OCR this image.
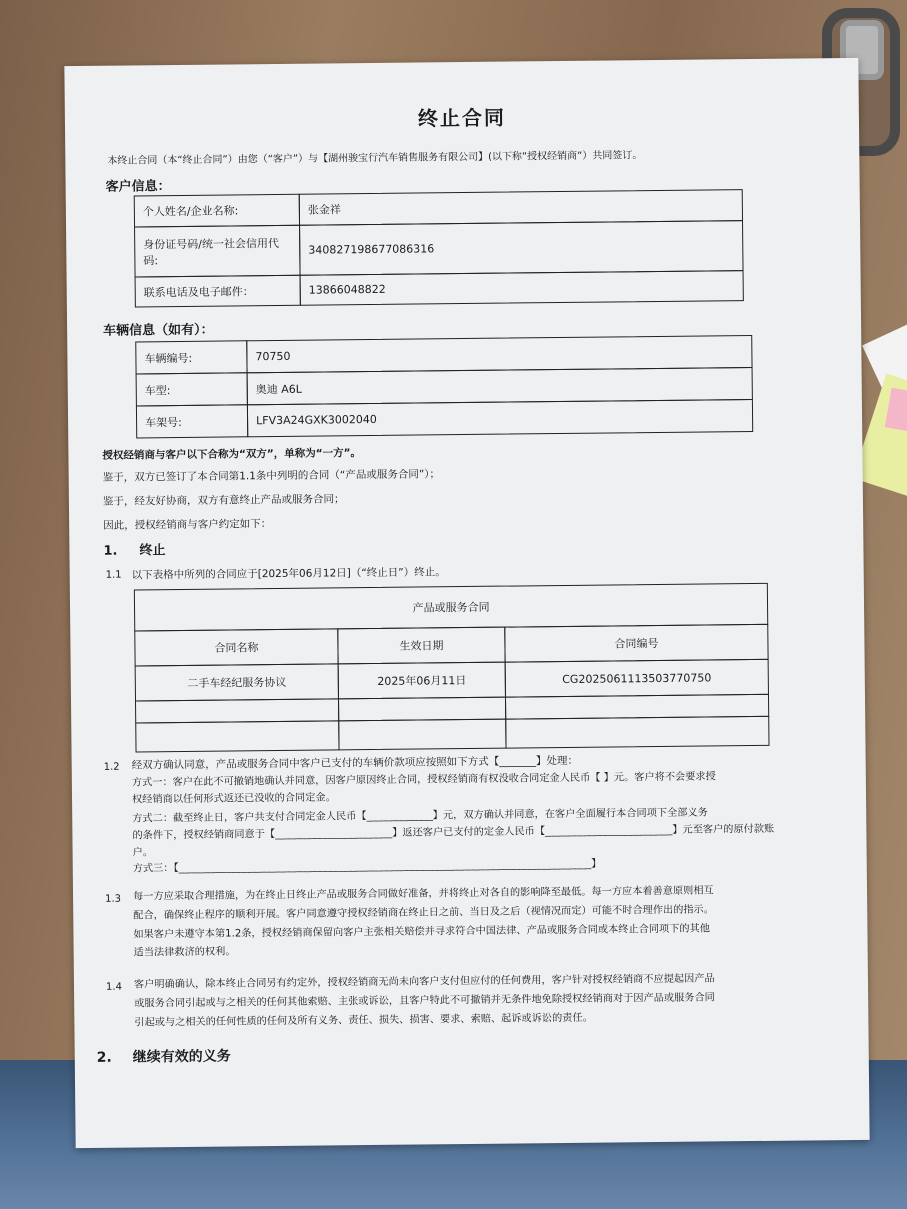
终止合同
本终止合同（本“终止合同”）由您（“客户”）与【湖州骏宝行汽车销售服务有限公司】(以下称“授权经销商”）共同签订。
客户信息：
个人姓名/企业名称:	张金祥
身份证号码/统一社会信用代码:
340827198677086316
联系电话及电子邮件：	13866048822
车辆信息（如有）：
车辆编号:	70750
车型:	奥迪 A6L
车架号:	LFV3A24GXK3002040
授权经销商与客户以下合称为“双方”，单称为“一方”。
鉴于，双方已签订了本合同第1.1条中列明的合同（“产品或服务合同”）；
鉴于，经友好协商，双方有意终止产品或服务合同；
因此，授权经销商与客户约定如下：
1. 终止
1.1 以下表格中所列的合同应于[2025年06月12日]（“终止日”）终止。
产品或服务合同
合同名称	生效日期	合同编号
二手车经纪服务协议	2025年06月11日	CG2025061113503770750
1.2 经双方确认同意，产品或服务合同中客户已支付的车辆价款项应按照如下方式【_______】处理：
方式一：客户在此不可撤销地确认并同意，因客户原因终止合同，授权经销商有权没收合同定金人民币【 】元。客户将不会要求授
权经销商以任何形式返还已没收的合同定金。
方式二：截至终止日，客户共支付合同定金人民币【_____________】元，双方确认并同意，在客户全面履行本合同项下全部义务
的条件下，授权经销商同意于【_______________________】返还客户已支付的定金人民币【_________________________】元至客户的原付款账
户。
方式三：【_________________________________________________________________________________】
1.3 每一方应采取合理措施，为在终止日终止产品或服务合同做好准备，并将终止对各自的影响降至最低。每一方应本着善意原则相互
配合，确保终止程序的顺利开展。客户同意遵守授权经销商在终止日之前、当日及之后（视情况而定）可能不时合理作出的指示。
如果客户未遵守本第1.2条，授权经销商保留向客户主张相关赔偿并寻求符合中国法律、产品或服务合同或本终止合同项下的其他
适当法律救济的权利。
1.4 客户明确确认，除本终止合同另有约定外，授权经销商无尚未向客户支付但应付的任何费用，客户针对授权经销商不应提起因产品
或服务合同引起或与之相关的任何其他索赔、主张或诉讼，且客户特此不可撤销并无条件地免除授权经销商对于因产品或服务合同
引起或与之相关的任何性质的任何及所有义务、责任、损失、损害、要求、索赔、起诉或诉讼的责任。
2. 继续有效的义务
